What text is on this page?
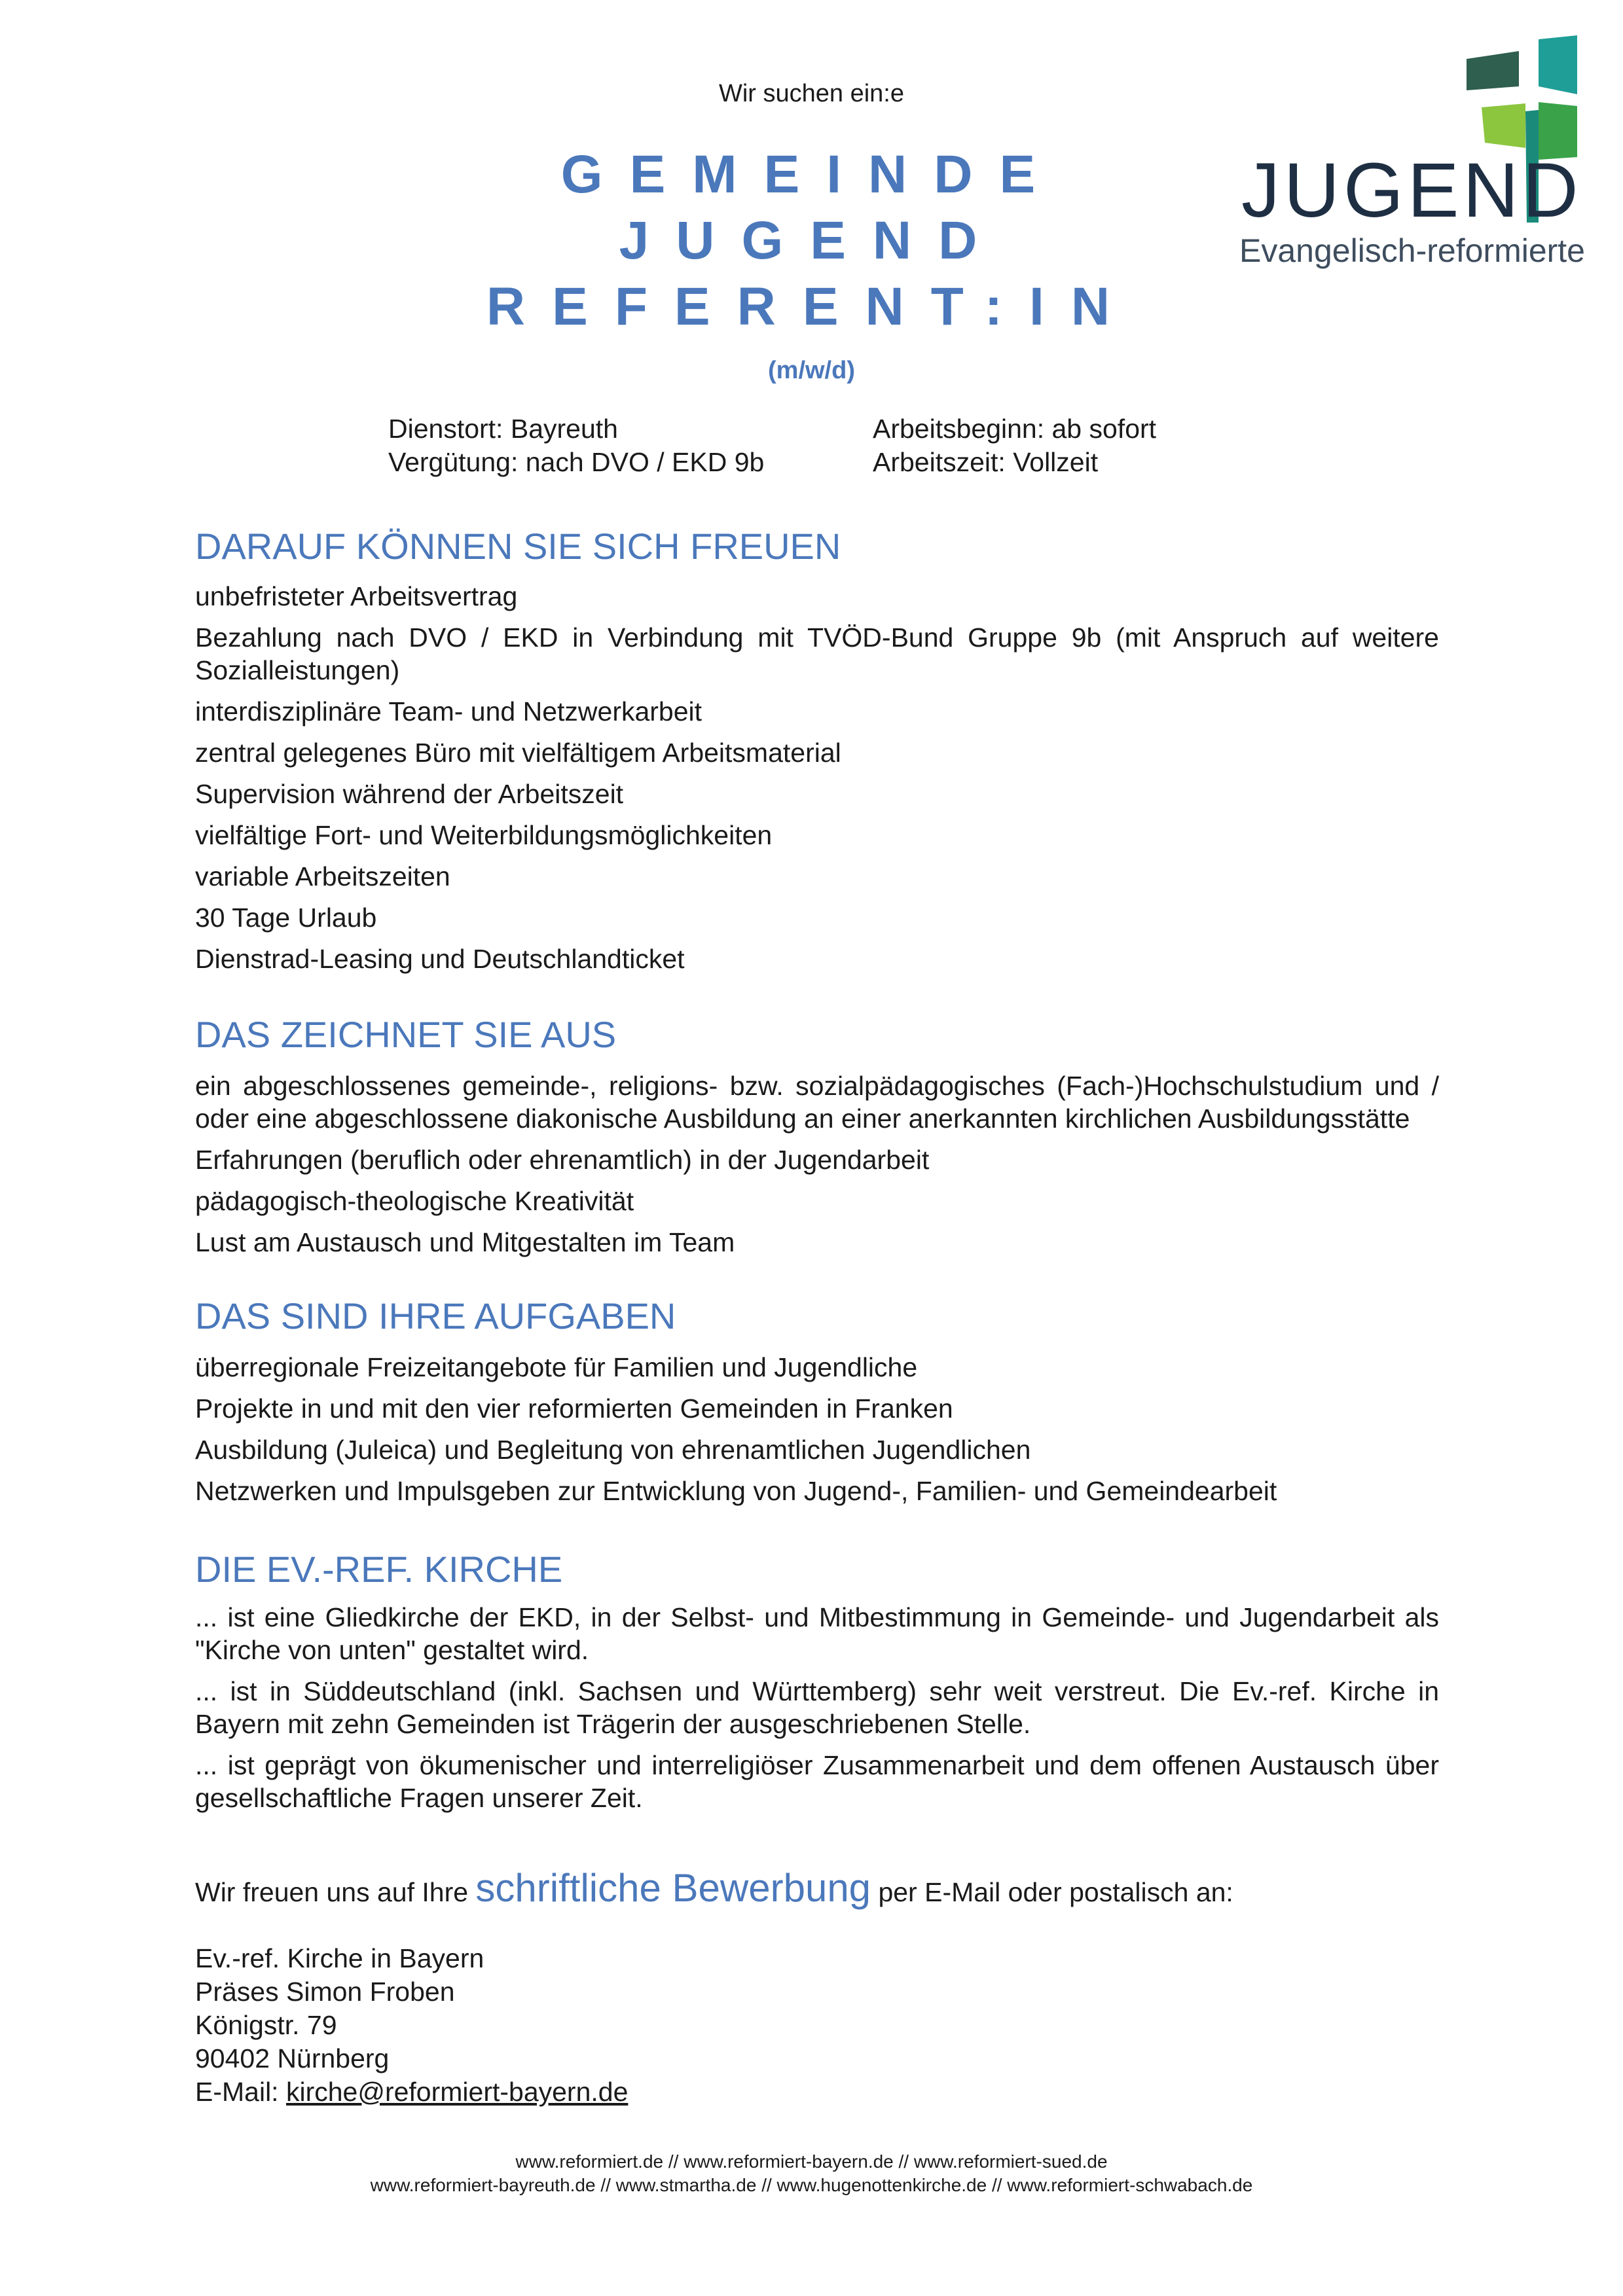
JUGEND
Evangelisch-reformierte
Wir suchen ein:e
GEMEINDE
JUGEND
REFERENT:IN
(m/w/d)
Dienstort: Bayreuth
Vergütung: nach DVO / EKD 9b
Arbeitsbeginn: ab sofort
Arbeitszeit: Vollzeit
DARAUF KÖNNEN SIE SICH FREUEN
unbefristeter Arbeitsvertrag
Bezahlung nach DVO / EKD in Verbindung mit TVÖD-Bund Gruppe 9b (mit Anspruch auf weitere Sozialleistungen)
interdisziplinäre Team- und Netzwerkarbeit
zentral gelegenes Büro mit vielfältigem Arbeitsmaterial
Supervision während der Arbeitszeit
vielfältige Fort- und Weiterbildungsmöglichkeiten
variable Arbeitszeiten
30 Tage Urlaub
Dienstrad-Leasing und Deutschlandticket
DAS ZEICHNET SIE AUS
ein abgeschlossenes gemeinde-, religions- bzw. sozialpädagogisches (Fach-)Hochschulstudium und / oder eine abgeschlossene diakonische Ausbildung an einer anerkannten kirchlichen Ausbildungsstätte
Erfahrungen (beruflich oder ehrenamtlich) in der Jugendarbeit
pädagogisch-theologische Kreativität
Lust am Austausch und Mitgestalten im Team
DAS SIND IHRE AUFGABEN
überregionale Freizeitangebote für Familien und Jugendliche
Projekte in und mit den vier reformierten Gemeinden in Franken
Ausbildung (Juleica) und Begleitung von ehrenamtlichen Jugendlichen
Netzwerken und Impulsgeben zur Entwicklung von Jugend-, Familien- und Gemeindearbeit
DIE EV.-REF. KIRCHE
... ist eine Gliedkirche der EKD, in der Selbst- und Mitbestimmung in Gemeinde- und Jugendarbeit als "Kirche von unten" gestaltet wird.
... ist in Süddeutschland (inkl. Sachsen und Württemberg) sehr weit verstreut. Die Ev.-ref. Kirche in Bayern mit zehn Gemeinden ist Trägerin der ausgeschriebenen Stelle.
... ist geprägt von ökumenischer und interreligiöser Zusammenarbeit und dem offenen Austausch über gesellschaftliche Fragen unserer Zeit.
Wir freuen uns auf Ihre schriftliche Bewerbung per E-Mail oder postalisch an:
Ev.-ref. Kirche in Bayern
Präses Simon Froben
Königstr. 79
90402 Nürnberg
E-Mail: kirche@reformiert-bayern.de
www.reformiert.de // www.reformiert-bayern.de // www.reformiert-sued.de
www.reformiert-bayreuth.de // www.stmartha.de // www.hugenottenkirche.de // www.reformiert-schwabach.de
